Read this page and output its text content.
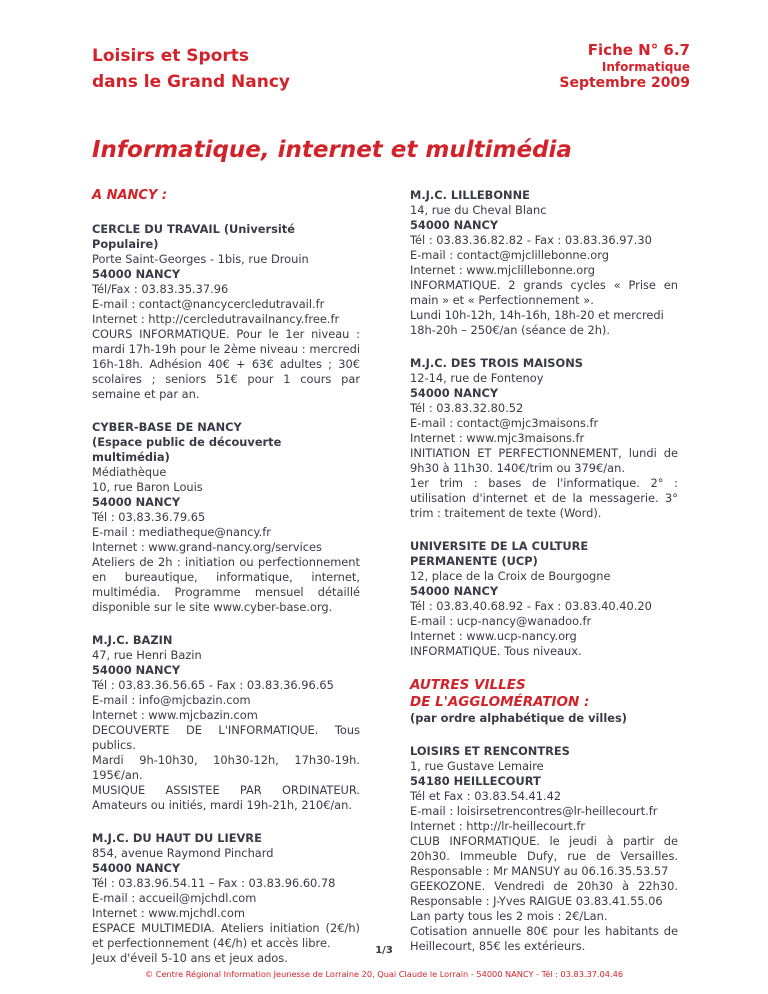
Loisirs et Sports
dans le Grand Nancy
Fiche N° 6.7
Informatique
Septembre 2009
Informatique, internet et multimédia
A NANCY :

CERCLE DU TRAVAIL (Université Populaire)

Porte Saint-Georges - 1bis, rue Drouin

54000 NANCY

Tél/Fax : 03.83.35.37.96

E-mail : contact@nancycercledutravail.fr

Internet : http://cercledutravailnancy.free.fr

COURS INFORMATIQUE. Pour le 1er niveau : mardi 17h-19h pour le 2ème niveau : mercredi 16h-18h. Adhésion 40€ + 63€ adultes ; 30€ scolaires ; seniors 51€ pour 1 cours par semaine et par an.

CYBER-BASE DE NANCY

(Espace public de découverte multimédia)

Médiathèque

10, rue Baron Louis

54000 NANCY

Tél : 03.83.36.79.65

E-mail : mediatheque@nancy.fr

Internet : www.grand-nancy.org/services

Ateliers de 2h : initiation ou perfectionnement en bureautique, informatique, internet, multimédia. Programme mensuel détaillé disponible sur le site www.cyber-base.org.

M.J.C. BAZIN

47, rue Henri Bazin

54000 NANCY

Tél : 03.83.36.56.65 - Fax : 03.83.36.96.65

E-mail : info@mjcbazin.com

Internet : www.mjcbazin.com

DECOUVERTE DE L'INFORMATIQUE. Tous publics.

Mardi 9h-10h30, 10h30-12h, 17h30-19h. 195€/an.

MUSIQUE ASSISTEE PAR ORDINATEUR. Amateurs ou initiés, mardi 19h-21h, 210€/an.

M.J.C. DU HAUT DU LIEVRE

854, avenue Raymond Pinchard

54000 NANCY

Tél : 03.83.96.54.11 – Fax : 03.83.96.60.78

E-mail : accueil@mjchdl.com

Internet : www.mjchdl.com

ESPACE MULTIMEDIA. Ateliers initiation (2€/h) et perfectionnement (4€/h) et accès libre.

Jeux d'éveil 5-10 ans et jeux ados.

M.J.C. LILLEBONNE

14, rue du Cheval Blanc

54000 NANCY

Tél : 03.83.36.82.82 - Fax : 03.83.36.97.30

E-mail : contact@mjclillebonne.org

Internet : www.mjclillebonne.org

INFORMATIQUE. 2 grands cycles « Prise en main » et « Perfectionnement ».

Lundi 10h-12h, 14h-16h, 18h-20 et mercredi 18h-20h – 250€/an (séance de 2h).

M.J.C. DES TROIS MAISONS

12-14, rue de Fontenoy

54000 NANCY

Tél : 03.83.32.80.52

E-mail : contact@mjc3maisons.fr

Internet : www.mjc3maisons.fr

INITIATION ET PERFECTIONNEMENT, lundi de 9h30 à 11h30. 140€/trim ou 379€/an.

1er trim : bases de l'informatique. 2° : utilisation d'internet et de la messagerie. 3° trim : traitement de texte (Word).

UNIVERSITE DE LA CULTURE PERMANENTE (UCP)

12, place de la Croix de Bourgogne

54000 NANCY

Tél : 03.83.40.68.92 - Fax : 03.83.40.40.20

E-mail : ucp-nancy@wanadoo.fr

Internet : www.ucp-nancy.org

INFORMATIQUE. Tous niveaux.

AUTRES VILLES
DE L'AGGLOMÉRATION :
(par ordre alphabétique de villes)

LOISIRS ET RENCONTRES

1, rue Gustave Lemaire

54180 HEILLECOURT

Tél et Fax : 03.83.54.41.42

E-mail : loisirsetrencontres@lr-heillecourt.fr

Internet : http://lr-heillecourt.fr

CLUB INFORMATIQUE. le jeudi à partir de 20h30. Immeuble Dufy, rue de Versailles. Responsable : Mr MANSUY au 06.16.35.53.57

GEEKOZONE. Vendredi de 20h30 à 22h30. Responsable : J-Yves RAIGUE 03.83.41.55.06

Lan party tous les 2 mois : 2€/Lan.

Cotisation annuelle 80€ pour les habitants de Heillecourt, 85€ les extérieurs.

1/3
© Centre Régional Information Jeunesse de Lorraine 20, Quai Claude le Lorrain - 54000 NANCY - Tél : 03.83.37.04.46
